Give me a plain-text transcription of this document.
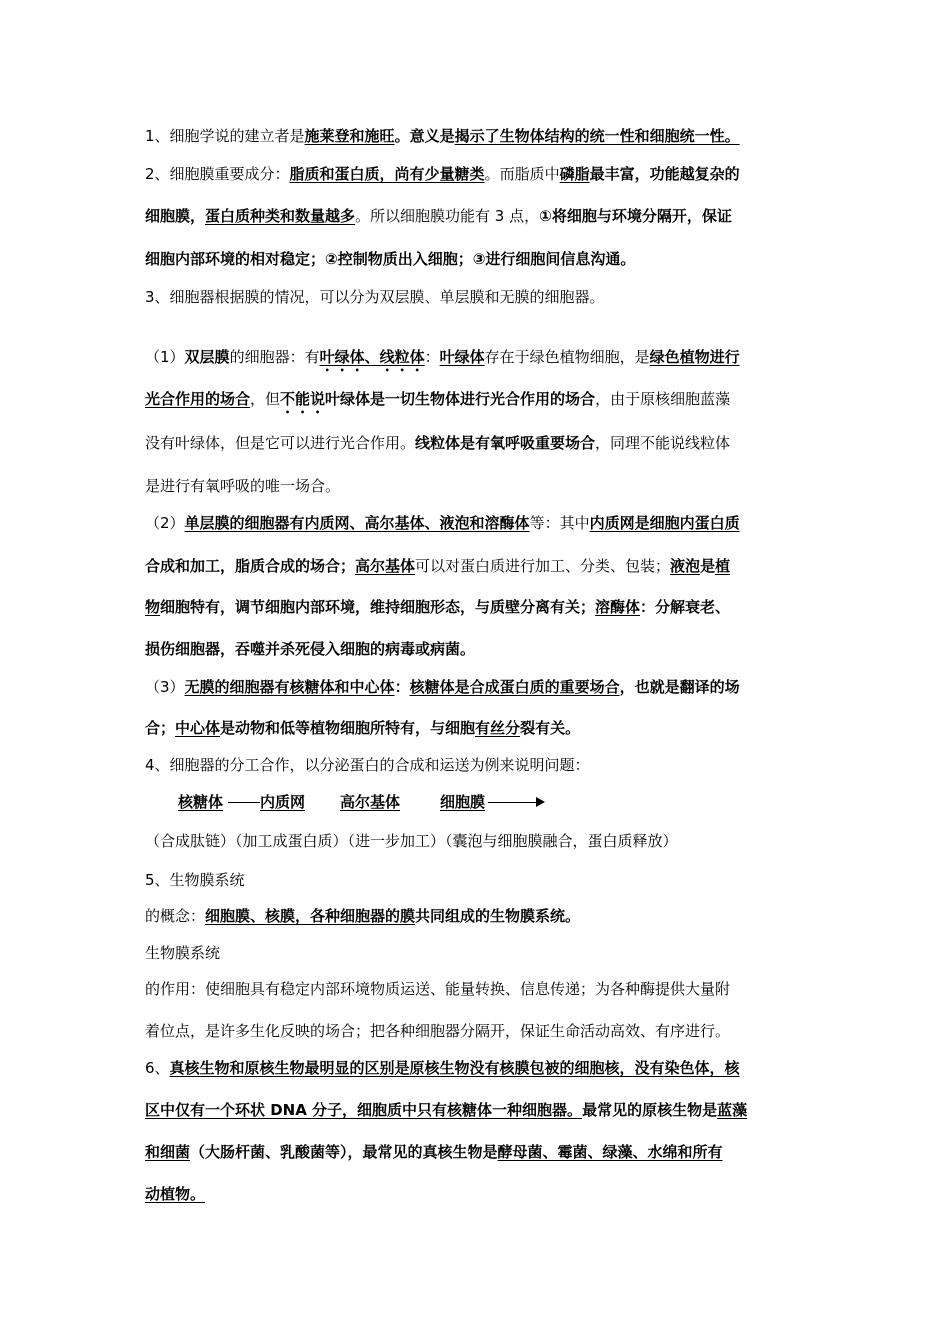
核糖体 内质网 高尔基体	细胞膜
1、细胞学说的建立者是施莱登和施旺。意义是揭示了生物体结构的统一性和细胞统一性。
2、细胞膜重要成分：脂质和蛋白质，尚有少量糖类。而脂质中磷脂最丰富，功能越复杂的
细胞膜，蛋白质种类和数量越多。所以细胞膜功能有 3 点，①将细胞与环境分隔开，保证
细胞内部环境的相对稳定；②控制物质出入细胞；③进行细胞间信息沟通。
3、细胞器根据膜的情况，可以分为双层膜、单层膜和无膜的细胞器。
（1）双层膜的细胞器：有叶绿体、线粒体：叶绿体存在于绿色植物细胞，是绿色植物进行
光合作用的场合，但不能说叶绿体是一切生物体进行光合作用的场合，由于原核细胞蓝藻
没有叶绿体，但是它可以进行光合作用。线粒体是有氧呼吸重要场合，同理不能说线粒体
是进行有氧呼吸的唯一场合。
（2）单层膜的细胞器有内质网、高尔基体、液泡和溶酶体等：其中内质网是细胞内蛋白质
合成和加工，脂质合成的场合；高尔基体可以对蛋白质进行加工、分类、包装；液泡是植
物细胞特有，调节细胞内部环境，维持细胞形态，与质壁分离有关；溶酶体：分解衰老、
损伤细胞器，吞噬并杀死侵入细胞的病毒或病菌。
（3）无膜的细胞器有核糖体和中心体：核糖体是合成蛋白质的重要场合，也就是翻译的场
合；中心体是动物和低等植物细胞所特有，与细胞有丝分裂有关。
4、细胞器的分工合作，以分泌蛋白的合成和运送为例来说明问题：
（合成肽链）（加工成蛋白质）（进一步加工）（囊泡与细胞膜融合，蛋白质释放）
5、生物膜系统
的概念：细胞膜、核膜，各种细胞器的膜共同组成的生物膜系统。
生物膜系统
的作用：使细胞具有稳定内部环境物质运送、能量转换、信息传递；为各种酶提供大量附
着位点，是许多生化反映的场合；把各种细胞器分隔开，保证生命活动高效、有序进行。
6、真核生物和原核生物最明显的区别是原核生物没有核膜包被的细胞核，没有染色体，核
区中仅有一个环状 DNA 分子，细胞质中只有核糖体一种细胞器。最常见的原核生物是蓝藻
和细菌（大肠杆菌、乳酸菌等），最常见的真核生物是酵母菌、霉菌、绿藻、水绵和所有
动植物。
